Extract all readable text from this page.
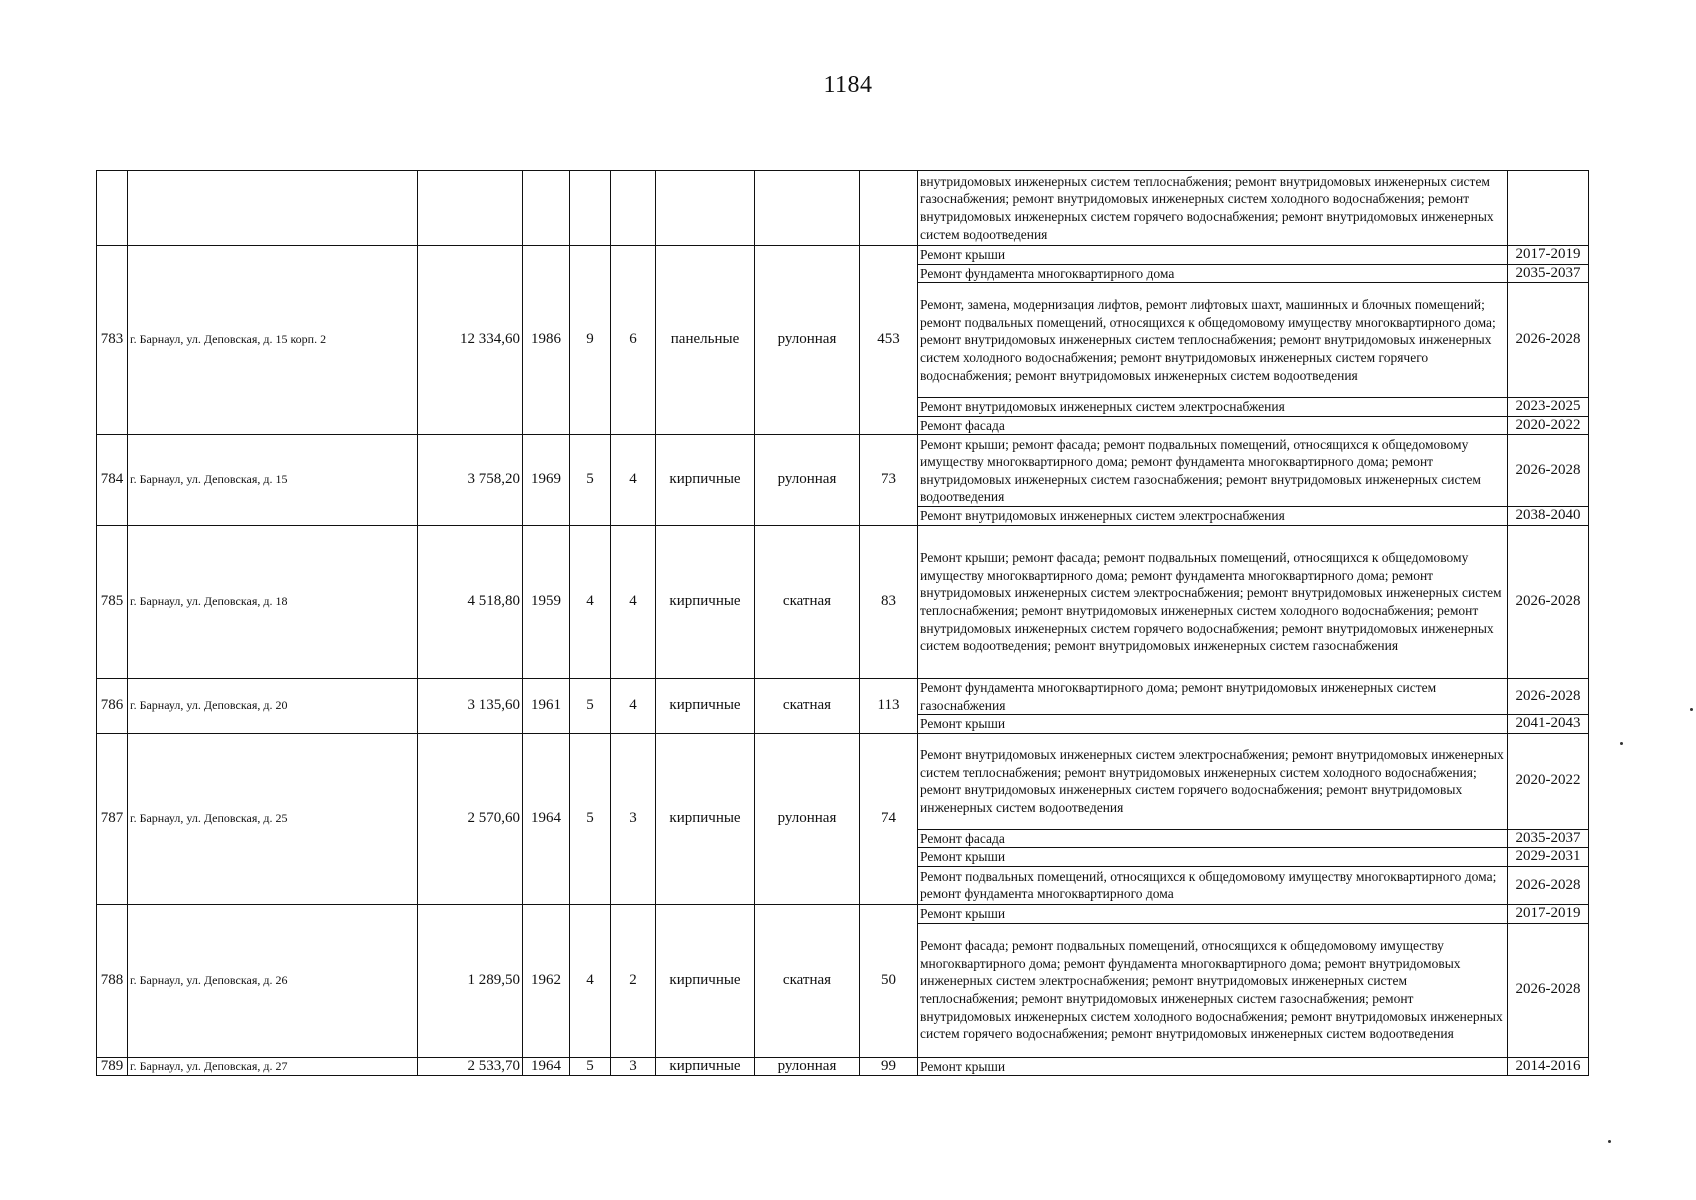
1184
									внутридомовых инженерных систем теплоснабжения; ремонт внутридомовых инженерных систем газоснабжения; ремонт внутридомовых инженерных систем холодного водоснабжения; ремонт внутридомовых инженерных систем горячего водоснабжения; ремонт внутридомовых инженерных систем водоотведения	
783	г. Барнаул, ул. Деповская, д. 15 корп. 2	12 334,60	1986	9	6	панельные	рулонная	453	Ремонт крыши	2017-2019
									Ремонт фундамента многоквартирного дома	2035-2037
									Ремонт, замена, модернизация лифтов, ремонт лифтовых шахт, машинных и блочных помещений; ремонт подвальных помещений, относящихся к общедомовому имуществу многоквартирного дома; ремонт внутридомовых инженерных систем теплоснабжения; ремонт внутридомовых инженерных систем холодного водоснабжения; ремонт внутридомовых инженерных систем горячего водоснабжения; ремонт внутридомовых инженерных систем водоотведения	2026-2028
									Ремонт внутридомовых инженерных систем электроснабжения	2023-2025
									Ремонт фасада	2020-2022
784	г. Барнаул, ул. Деповская, д. 15	3 758,20	1969	5	4	кирпичные	рулонная	73	Ремонт крыши; ремонт фасада; ремонт подвальных помещений, относящихся к общедомовому имуществу многоквартирного дома; ремонт фундамента многоквартирного дома; ремонт внутридомовых инженерных систем газоснабжения; ремонт внутридомовых инженерных систем водоотведения	2026-2028
									Ремонт внутридомовых инженерных систем электроснабжения	2038-2040
785	г. Барнаул, ул. Деповская, д. 18	4 518,80	1959	4	4	кирпичные	скатная	83	Ремонт крыши; ремонт фасада; ремонт подвальных помещений, относящихся к общедомовому имуществу многоквартирного дома; ремонт фундамента многоквартирного дома; ремонт внутридомовых инженерных систем электроснабжения; ремонт внутридомовых инженерных систем теплоснабжения; ремонт внутридомовых инженерных систем холодного водоснабжения; ремонт внутридомовых инженерных систем горячего водоснабжения; ремонт внутридомовых инженерных систем водоотведения; ремонт внутридомовых инженерных систем газоснабжения	2026-2028
786	г. Барнаул, ул. Деповская, д. 20	3 135,60	1961	5	4	кирпичные	скатная	113	Ремонт фундамента многоквартирного дома; ремонт внутридомовых инженерных систем газоснабжения	2026-2028
									Ремонт крыши	2041-2043
787	г. Барнаул, ул. Деповская, д. 25	2 570,60	1964	5	3	кирпичные	рулонная	74	Ремонт внутридомовых инженерных систем электроснабжения; ремонт внутридомовых инженерных систем теплоснабжения; ремонт внутридомовых инженерных систем холодного водоснабжения; ремонт внутридомовых инженерных систем горячего водоснабжения; ремонт внутридомовых инженерных систем водоотведения	2020-2022
									Ремонт фасада	2035-2037
									Ремонт крыши	2029-2031
									Ремонт подвальных помещений, относящихся к общедомовому имуществу многоквартирного дома; ремонт фундамента многоквартирного дома	2026-2028
788	г. Барнаул, ул. Деповская, д. 26	1 289,50	1962	4	2	кирпичные	скатная	50	Ремонт крыши	2017-2019
									Ремонт фасада; ремонт подвальных помещений, относящихся к общедомовому имуществу многоквартирного дома; ремонт фундамента многоквартирного дома; ремонт внутридомовых инженерных систем электроснабжения; ремонт внутридомовых инженерных систем теплоснабжения; ремонт внутридомовых инженерных систем газоснабжения; ремонт внутридомовых инженерных систем холодного водоснабжения; ремонт внутридомовых инженерных систем горячего водоснабжения; ремонт внутридомовых инженерных систем водоотведения	2026-2028
789	г. Барнаул, ул. Деповская, д. 27	2 533,70	1964	5	3	кирпичные	рулонная	99	Ремонт крыши	2014-2016
